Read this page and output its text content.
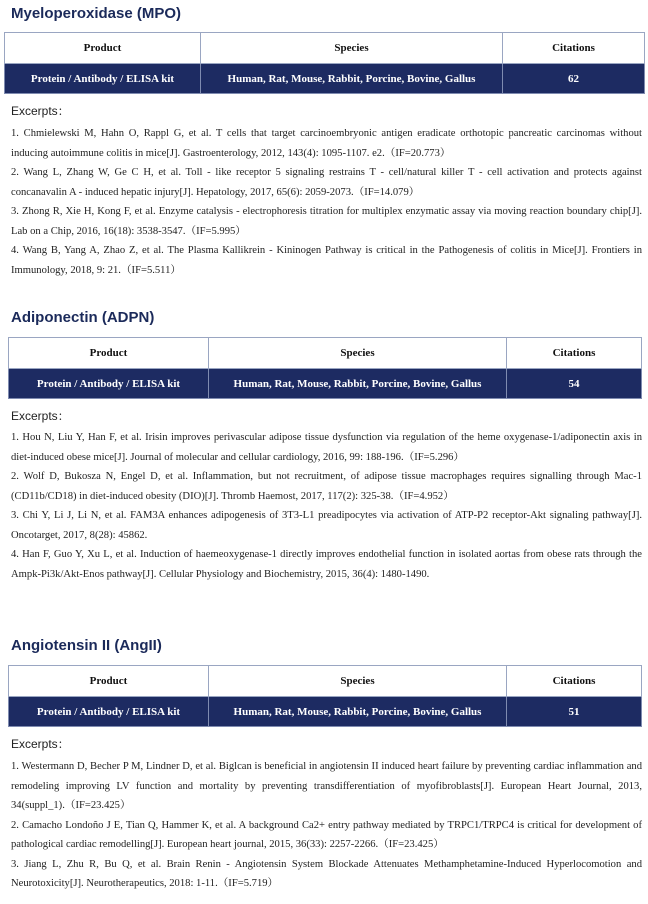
Myeloperoxidase (MPO)
Product	Species	Citations
Protein / Antibody / ELISA kit	Human, Rat, Mouse, Rabbit, Porcine, Bovine, Gallus	62
Excerpts：
1. Chmielewski M, Hahn O, Rappl G, et al. T cells that target carcinoembryonic antigen eradicate orthotopic pancreatic carcinomas without inducing autoimmune colitis in mice[J]. Gastroenterology, 2012, 143(4): 1095-1107. e2.（IF=20.773）
2. Wang L, Zhang W, Ge C H, et al. Toll - like receptor 5 signaling restrains T - cell/natural killer T - cell activation and protects against concanavalin A - induced hepatic injury[J]. Hepatology, 2017, 65(6): 2059-2073.（IF=14.079）
3. Zhong R, Xie H, Kong F, et al. Enzyme catalysis - electrophoresis titration for multiplex enzymatic assay via moving reaction boundary chip[J]. Lab on a Chip, 2016, 16(18): 3538-3547.（IF=5.995）
4. Wang B, Yang A, Zhao Z, et al. The Plasma Kallikrein - Kininogen Pathway is critical in the Pathogenesis of colitis in Mice[J]. Frontiers in Immunology, 2018, 9: 21.（IF=5.511）
Adiponectin (ADPN)
Product	Species	Citations
Protein / Antibody / ELISA kit	Human, Rat, Mouse, Rabbit, Porcine, Bovine, Gallus	54
Excerpts：
1. Hou N, Liu Y, Han F, et al. Irisin improves perivascular adipose tissue dysfunction via regulation of the heme oxygenase-1/adiponectin axis in diet-induced obese mice[J]. Journal of molecular and cellular cardiology, 2016, 99: 188-196.（IF=5.296）
2. Wolf D, Bukosza N, Engel D, et al. Inflammation, but not recruitment, of adipose tissue macrophages requires signalling through Mac-1 (CD11b/CD18) in diet-induced obesity (DIO)[J]. Thromb Haemost, 2017, 117(2): 325-38.（IF=4.952）
3. Chi Y, Li J, Li N, et al. FAM3A enhances adipogenesis of 3T3-L1 preadipocytes via activation of ATP-P2 receptor-Akt signaling pathway[J]. Oncotarget, 2017, 8(28): 45862.
4. Han F, Guo Y, Xu L, et al. Induction of haemeoxygenase-1 directly improves endothelial function in isolated aortas from obese rats through the Ampk-Pi3k/Akt-Enos pathway[J]. Cellular Physiology and Biochemistry, 2015, 36(4): 1480-1490.
Angiotensin II (AngII)
Product	Species	Citations
Protein / Antibody / ELISA kit	Human, Rat, Mouse, Rabbit, Porcine, Bovine, Gallus	51
Excerpts：
1. Westermann D, Becher P M, Lindner D, et al. Biglcan is beneficial in angiotensin II induced heart failure by preventing cardiac inflammation and remodeling improving LV function and mortality by preventing transdifferentiation of myofibroblasts[J]. European Heart Journal, 2013, 34(suppl_1).（IF=23.425）
2. Camacho Londoño J E, Tian Q, Hammer K, et al. A background Ca2+ entry pathway mediated by TRPC1/TRPC4 is critical for development of pathological cardiac remodelling[J]. European heart journal, 2015, 36(33): 2257-2266.（IF=23.425）
3. Jiang L, Zhu R, Bu Q, et al. Brain Renin - Angiotensin System Blockade Attenuates Methamphetamine-Induced Hyperlocomotion and Neurotoxicity[J]. Neurotherapeutics, 2018: 1-11.（IF=5.719）
